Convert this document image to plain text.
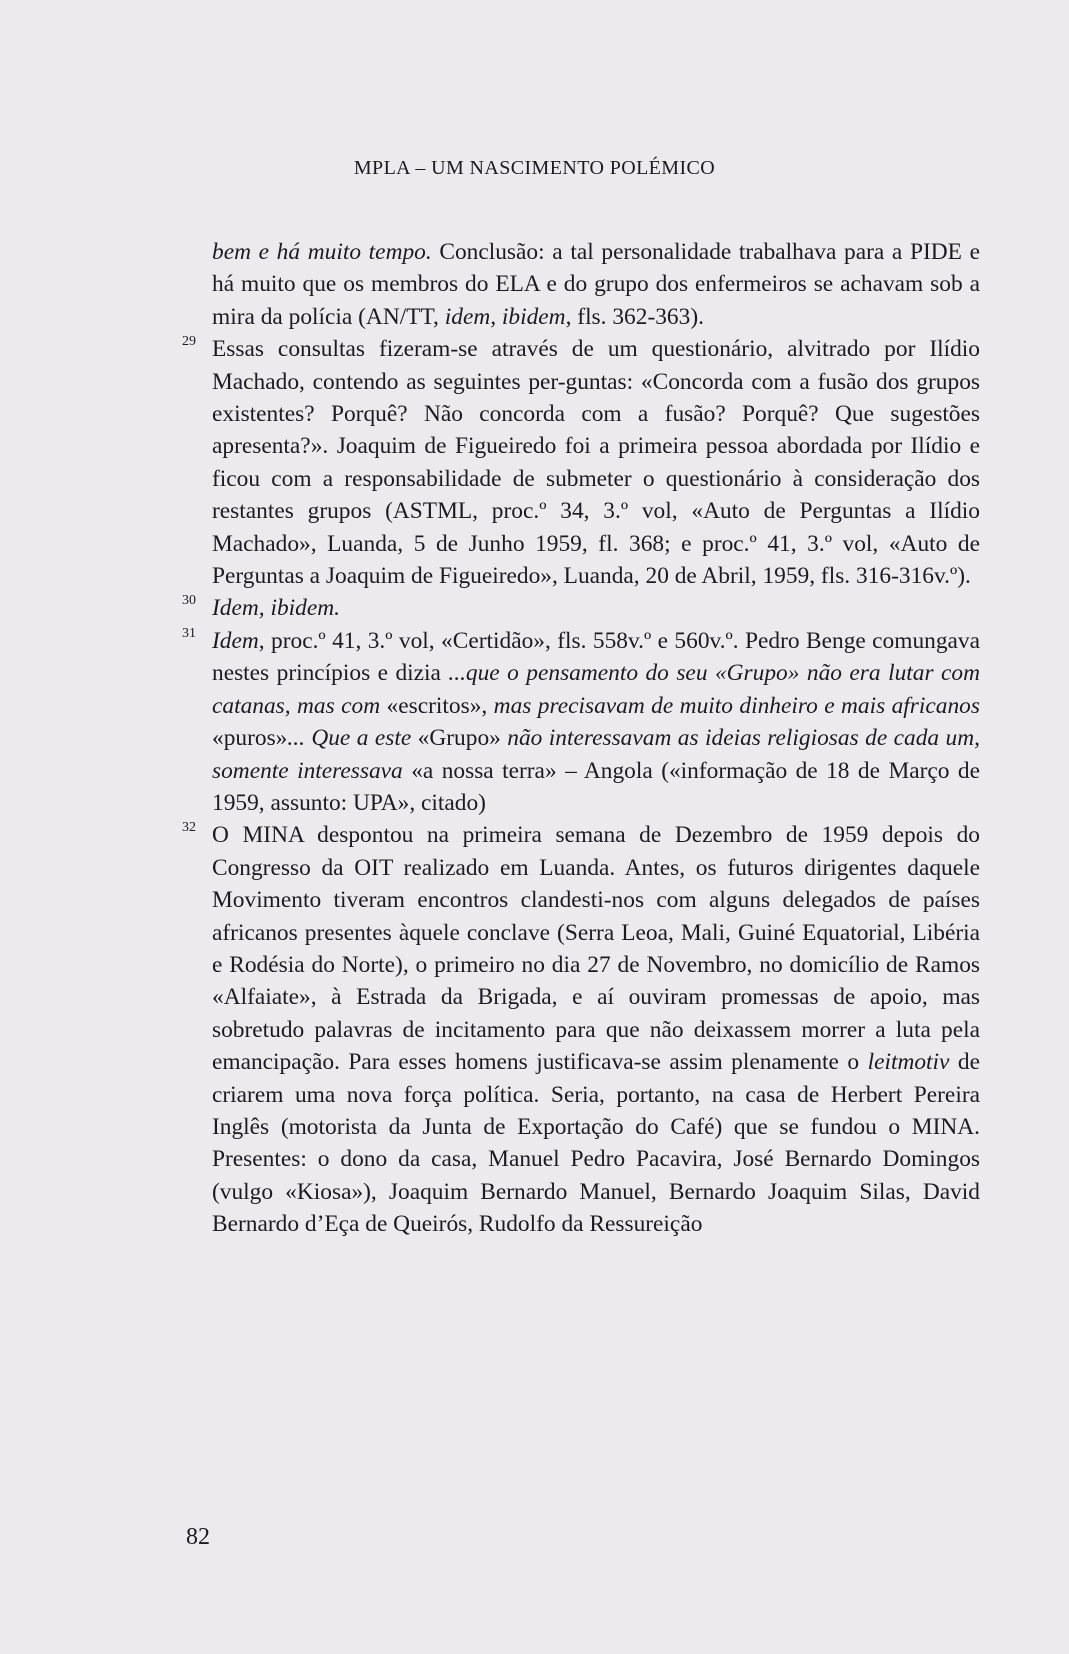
MPLA – UM NASCIMENTO POLÉMICO

bem e há muito tempo. Conclusão: a tal personalidade trabalhava para a PIDE e há muito que os membros do ELA e do grupo dos enfermeiros se achavam sob a mira da polícia (AN/TT, idem, ibidem, fls. 362-363).

29 Essas consultas fizeram-se através de um questionário, alvitrado por Ilídio Machado, contendo as seguintes per-guntas: «Concorda com a fusão dos grupos existentes? Porquê? Não concorda com a fusão? Porquê? Que sugestões apresenta?». Joaquim de Figueiredo foi a primeira pessoa abordada por Ilídio e ficou com a responsabilidade de submeter o questionário à consideração dos restantes grupos (ASTML, proc.º 34, 3.º vol, «Auto de Perguntas a Ilídio Machado», Luanda, 5 de Junho 1959, fl. 368; e proc.º 41, 3.º vol, «Auto de Perguntas a Joaquim de Figueiredo», Luanda, 20 de Abril, 1959, fls. 316-316v.º).

30 Idem, ibidem.

31 Idem, proc.º 41, 3.º vol, «Certidão», fls. 558v.º e 560v.º. Pedro Benge comungava nestes princípios e dizia ...que o pensamento do seu «Grupo» não era lutar com catanas, mas com «escritos», mas precisavam de muito dinheiro e mais africanos «puros»... Que a este «Grupo» não interessavam as ideias religiosas de cada um, somente interessava «a nossa terra» – Angola («informação de 18 de Março de 1959, assunto: UPA», citado)

32 O MINA despontou na primeira semana de Dezembro de 1959 depois do Congresso da OIT realizado em Luanda. Antes, os futuros dirigentes daquele Movimento tiveram encontros clandesti-nos com alguns delegados de países africanos presentes àquele conclave (Serra Leoa, Mali, Guiné Equatorial, Libéria e Rodésia do Norte), o primeiro no dia 27 de Novembro, no domicílio de Ramos «Alfaiate», à Estrada da Brigada, e aí ouviram promessas de apoio, mas sobretudo palavras de incitamento para que não deixassem morrer a luta pela emancipação. Para esses homens justificava-se assim plenamente o leitmotiv de criarem uma nova força política. Seria, portanto, na casa de Herbert Pereira Inglês (motorista da Junta de Exportação do Café) que se fundou o MINA. Presentes: o dono da casa, Manuel Pedro Pacavira, José Bernardo Domingos (vulgo «Kiosa»), Joaquim Bernardo Manuel, Bernardo Joaquim Silas, David Bernardo d’Eça de Queirós, Rudolfo da Ressureição

82
